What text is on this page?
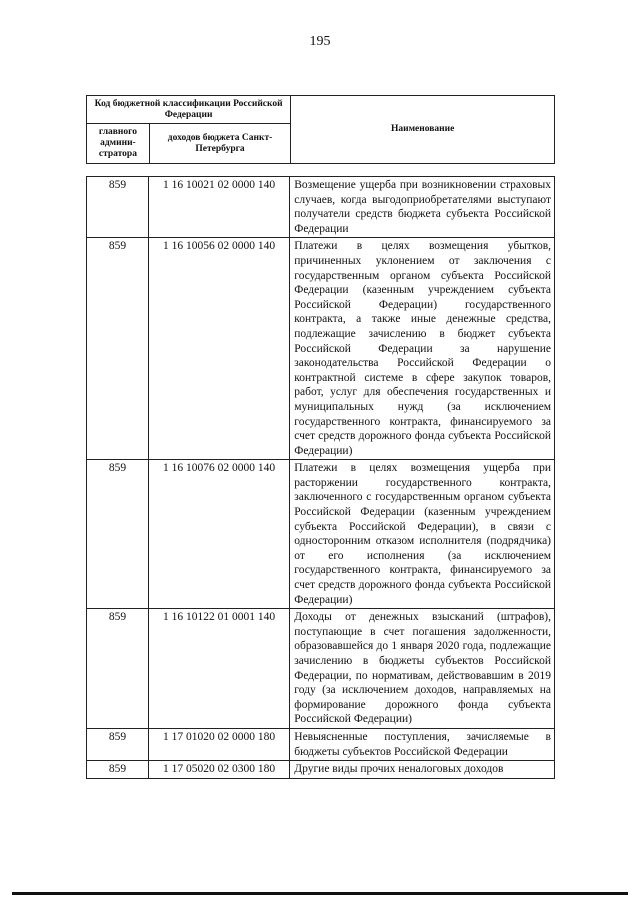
195
Код бюджетной классификации Российской Федерации		Наименование
главного админи-стратора	доходов бюджета Санкт-Петербурга	
859	1 16 10021 02 0000 140	Возмещение ущерба при возникновении страховых случаев, когда выгодоприобретателями выступают получатели средств бюджета субъекта Российской Федерации
859	1 16 10056 02 0000 140	Платежи в целях возмещения убытков, причиненных уклонением от заключения с государственным органом субъекта Российской Федерации (казенным учреждением субъекта Российской Федерации) государственного контракта, а также иные денежные средства, подлежащие зачислению в бюджет субъекта Российской Федерации за нарушение законодательства Российской Федерации о контрактной системе в сфере закупок товаров, работ, услуг для обеспечения государственных и муниципальных нужд (за исключением государственного контракта, финансируемого за счет средств дорожного фонда субъекта Российской Федерации)
859	1 16 10076 02 0000 140	Платежи в целях возмещения ущерба при расторжении государственного контракта, заключенного с государственным органом субъекта Российской Федерации (казенным учреждением субъекта Российской Федерации), в связи с односторонним отказом исполнителя (подрядчика) от его исполнения (за исключением государственного контракта, финансируемого за счет средств дорожного фонда субъекта Российской Федерации)
859	1 16 10122 01 0001 140	Доходы от денежных взысканий (штрафов), поступающие в счет погашения задолженности, образовавшейся до 1 января 2020 года, подлежащие зачислению в бюджеты субъектов Российской Федерации, по нормативам, действовавшим в 2019 году (за исключением доходов, направляемых на формирование дорожного фонда субъекта Российской Федерации)
859	1 17 01020 02 0000 180	Невыясненные поступления, зачисляемые в бюджеты субъектов Российской Федерации
859	1 17 05020 02 0300 180	Другие виды прочих неналоговых доходов
